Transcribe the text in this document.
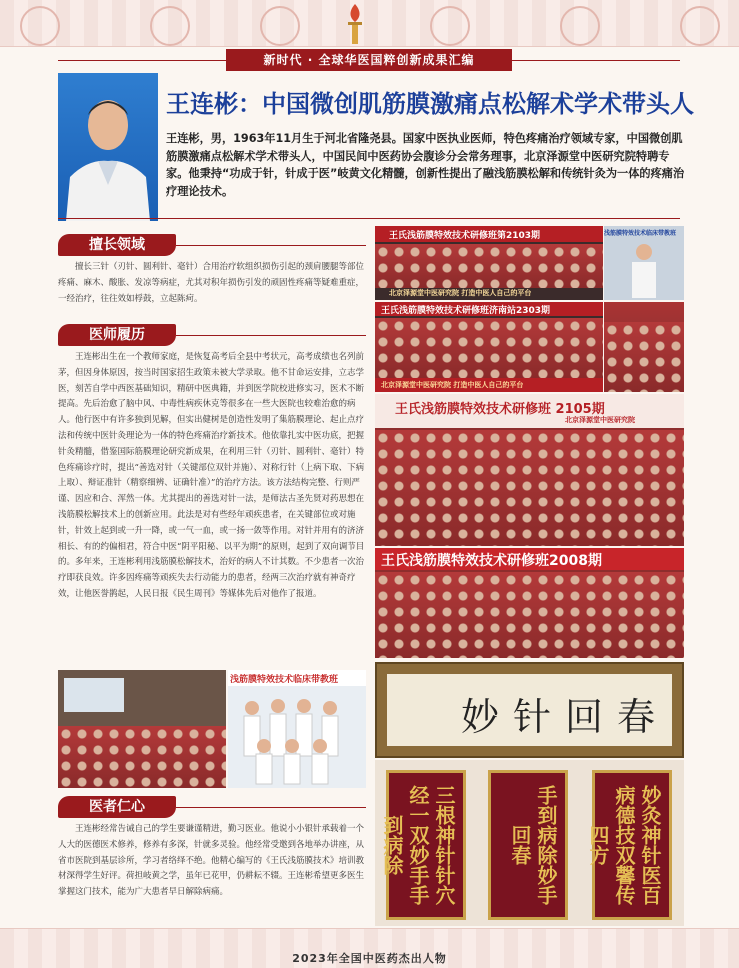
新时代 · 全球华医国粹创新成果汇编
王连彬：中国微创肌筋膜激痛点松解术学术带头人
王连彬，男，1963年11月生于河北省隆尧县。国家中医执业医师，特色疼痛治疗领域专家，中国微创肌筋膜激痛点松解术学术带头人，中国民间中医药协会腹诊分会常务理事，北京泽源堂中医研究院特聘专家。他秉持“功成于针，针成于医”岐黄文化精髓，创新性提出了融浅筋膜松解和传统针灸为一体的疼痛治疗理论技术。
擅长领域

擅长三针（刃针、圆利针、毫针）合用治疗软组织损伤引起的颈肩腰腿等部位疼痛、麻木、酸胀、发凉等病症，尤其对积年损伤引发的顽固性疼痛等疑难重症，一经治疗，往往效如桴鼓，立起陈疴。

医师履历

王连彬出生在一个教师家庭，是恢复高考后全县中考状元，高考成绩也名列前茅，但因身体原因，按当时国家招生政策未被大学录取。他不甘命运安排，立志学医，刻苦自学中西医基础知识，精研中医典籍，并到医学院校进修实习，医术不断提高。先后治愈了脑中风、中毒性病疾休克等很多在一些大医院也较难治愈的病人。他行医中有许多独到见解，但实出健树是创造性发明了集筋膜理论、起止点疗法和传统中医针灸理论为一体的特色疼痛治疗新技术。他依靠扎实中医功底，把握针灸精髓，借鉴国际筋膜理论研究新成果，在利用三针（刃针、圆利针、毫针）特色疼痛诊疗时，提出“善选对针（关键部位双针并施）、对称行针（上病下取、下病上取）、辩证准针（精察细辨、证确针准）”的治疗方法。该方法结构完整、行则严谨、因应和合、浑然一体。尤其提出的善选对针一法，是师法古圣先贤对药思想在浅筋膜松解技术上的创新应用。此法是对有些经年顽疾患者，在关键部位或对施针，针效上起到或一升一降，或一气一血，或一扬一敛等作用。对针并用有的济济相长、有的约偏相君，符合中医“阴平阳秘、以平为期”的原则，起到了双向调节目的。多年来，王连彬利用浅筋膜松解技术，治好的病人不计其数。不少患者一次治疗即获良效。许多因疼痛等顽疾失去行动能力的患者，经两三次治疗就有神奇疗效，让他医誉鹊起，人民日报《民生周刊》等媒体先后对他作了报道。

医者仁心

王连彬经常告诫自己的学生要谦谨精进，勤习医业。他说小小银针承载着一个人大的医德医术修养，修养有多深，针就多灵验。他经常受邀到各地举办讲座，从省市医院到基层诊所，学习者络绎不绝。他精心编写的《王氏浅筋膜技术》培训教材深得学生好评。荷担岐黄之学，虽年已花甲，仍耕耘不辍。王连彬希望更多医生掌握这门技术，能为广大患者早日解除病痛。

王氏浅筋膜特效技术研修班第2103期
北京泽源堂中医研究院 打造中医人自己的平台
浅筋膜特效技术临床带教班
王氏浅筋膜特效技术研修班济南站2303期
北京泽源堂中医研究院 打造中医人自己的平台
王氏浅筋膜特效技术研修班 2105期
北京泽源堂中医研究院
王氏浅筋膜特效技术研修班2008期
妙针回春
三根神针针穴经一双妙手手到病除	手到病除妙手回春	妙灸神针医百病德技双馨传四方
浅筋膜特效技术临床带教班
2023年全国中医药杰出人物
